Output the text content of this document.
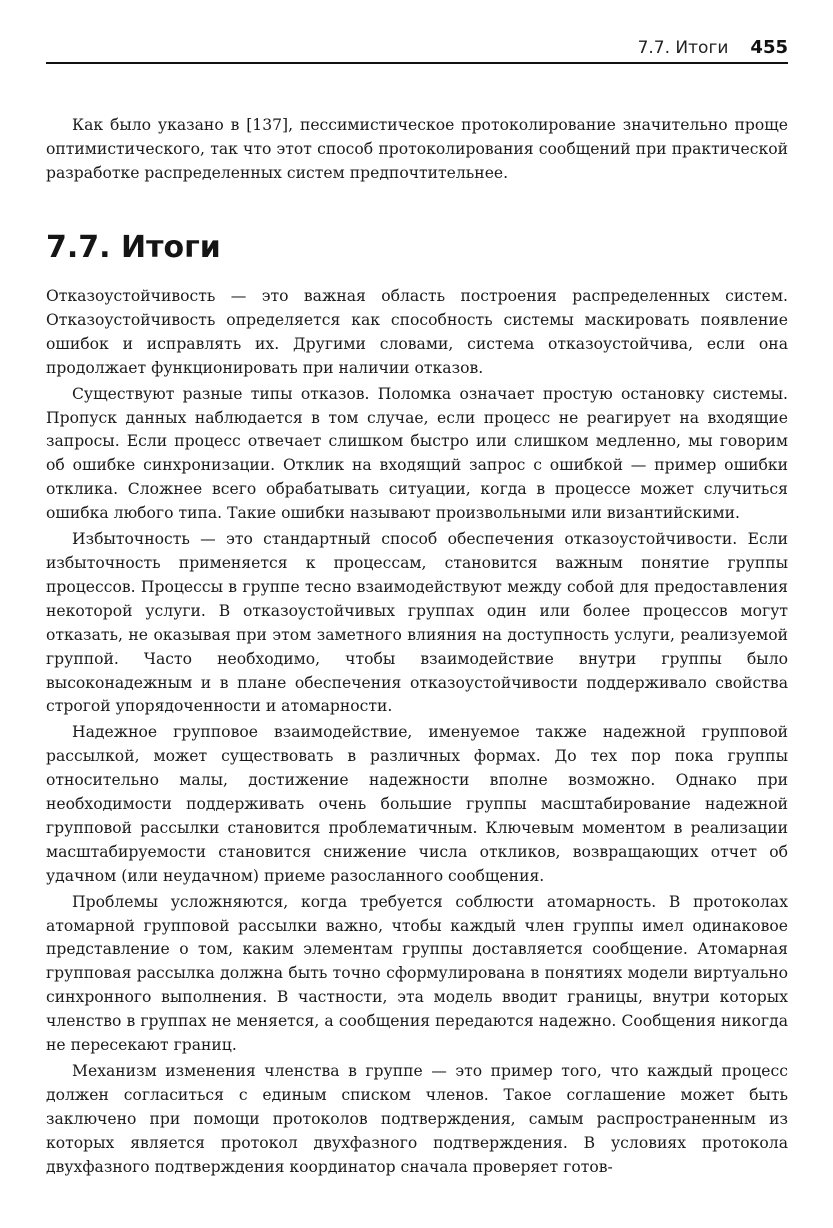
7.7. Итоги 455

Как было указано в [137], пессимистическое протоколирование значительно проще оптимистического, так что этот способ протоколирования сообщений при практической разработке распределенных систем предпочтительнее.

7.7. Итоги

Отказоустойчивость — это важная область построения распределенных систем. Отказоустойчивость определяется как способность системы маскировать появление ошибок и исправлять их. Другими словами, система отказоустойчива, если она продолжает функционировать при наличии отказов.

Существуют разные типы отказов. Поломка означает простую остановку системы. Пропуск данных наблюдается в том случае, если процесс не реагирует на входящие запросы. Если процесс отвечает слишком быстро или слишком медленно, мы говорим об ошибке синхронизации. Отклик на входящий запрос с ошибкой — пример ошибки отклика. Сложнее всего обрабатывать ситуации, когда в процессе может случиться ошибка любого типа. Такие ошибки называют произвольными или византийскими.

Избыточность — это стандартный способ обеспечения отказоустойчивости. Если избыточность применяется к процессам, становится важным понятие группы процессов. Процессы в группе тесно взаимодействуют между собой для предоставления некоторой услуги. В отказоустойчивых группах один или более процессов могут отказать, не оказывая при этом заметного влияния на доступность услуги, реализуемой группой. Часто необходимо, чтобы взаимодействие внутри группы было высоконадежным и в плане обеспечения отказоустойчивости поддерживало свойства строгой упорядоченности и атомарности.

Надежное групповое взаимодействие, именуемое также надежной групповой рассылкой, может существовать в различных формах. До тех пор пока группы относительно малы, достижение надежности вполне возможно. Однако при необходимости поддерживать очень большие группы масштабирование надежной групповой рассылки становится проблематичным. Ключевым моментом в реализации масштабируемости становится снижение числа откликов, возвращающих отчет об удачном (или неудачном) приеме разосланного сообщения.

Проблемы усложняются, когда требуется соблюсти атомарность. В протоколах атомарной групповой рассылки важно, чтобы каждый член группы имел одинаковое представление о том, каким элементам группы доставляется сообщение. Атомарная групповая рассылка должна быть точно сформулирована в понятиях модели виртуально синхронного выполнения. В частности, эта модель вводит границы, внутри которых членство в группах не меняется, а сообщения передаются надежно. Сообщения никогда не пересекают границ.

Механизм изменения членства в группе — это пример того, что каждый процесс должен согласиться с единым списком членов. Такое соглашение может быть заключено при помощи протоколов подтверждения, самым распространенным из которых является протокол двухфазного подтверждения. В условиях протокола двухфазного подтверждения координатор сначала проверяет готов-
